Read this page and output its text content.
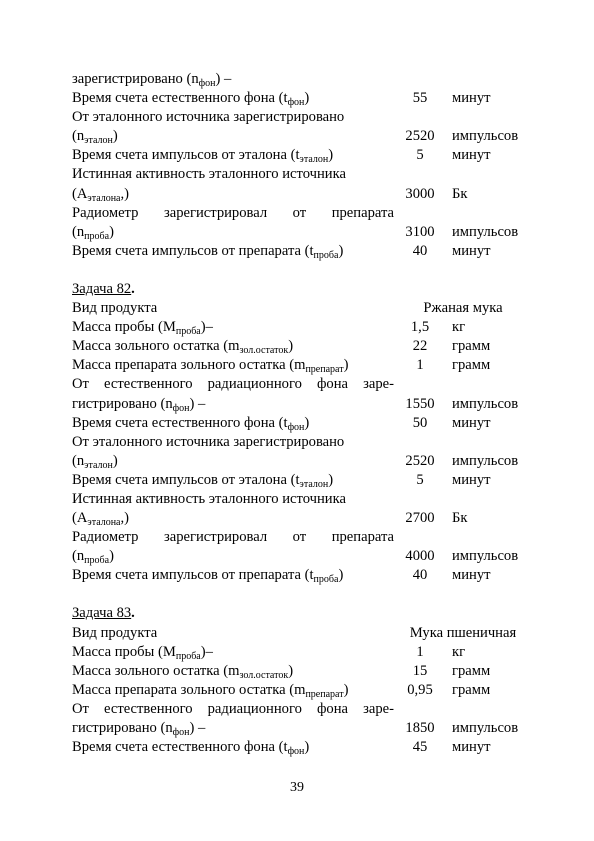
зарегистрировано $(n_{фон})$ –
Время счета естественного фона $(t_{фон})$	55	минут
От эталонного источника зарегистрировано
$(n_{эталон})$	2520	импульсов
Время счета импульсов от эталона $(t_{эталон})$	5	минут
Истинная активность эталонного источника
$(A_{эталона},)$	3000	Бк
Радиометр зарегистрировал от препарата
$(n_{проба})$	3100	импульсов
Время счета импульсов от препарата $(t_{проба})$	40	минут
Задача 82 .
Вид продукта	Ржаная мука
Масса пробы $(M_{проба})-$	1,5	кг
Масса зольного остатка $(m_{зол.остаток})$	22	грамм
Масса препарата зольного остатка $(m_{препарат})$	1	грамм
От естественного радиационного фона заре-
гистрировано $(n_{фон})$ –	1550	импульсов
Время счета естественного фона $(t_{фон})$	50	минут
От эталонного источника зарегистрировано
$(n_{эталон})$	2520	импульсов
Время счета импульсов от эталона $(t_{эталон})$	5	минут
Истинная активность эталонного источника
$(A_{эталона},)$	2700	Бк
Радиометр зарегистрировал от препарата
$(n_{проба})$	4000	импульсов
Время счета импульсов от препарата $(t_{проба})$	40	минут
Задача 83 .
Вид продукта	Мука пшеничная
Масса пробы $(M_{проба})-$	1	кг
Масса зольного остатка $(m_{зол.остаток})$	15	грамм
Масса препарата зольного остатка $(m_{препарат})$	0,95	грамм
От естественного радиационного фона заре-
гистрировано $(n_{фон})$ –	1850	импульсов
Время счета естественного фона $(t_{фон})$	45	минут
39
